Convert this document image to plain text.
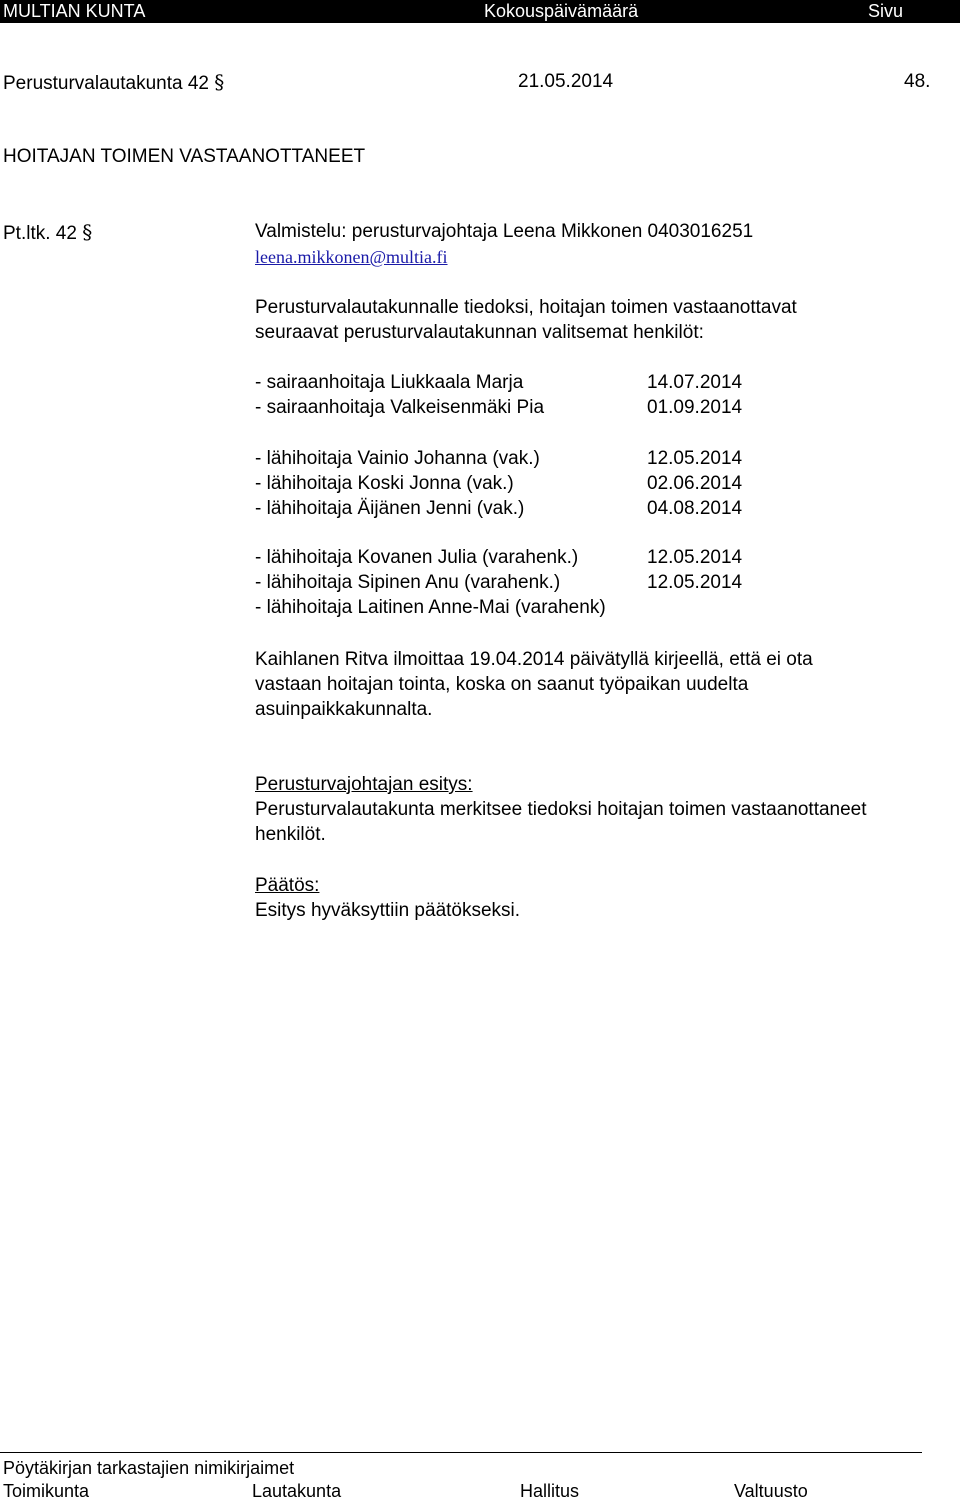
MULTIAN KUNTA	Kokouspäivämäärä	Sivu
Perusturvalautakunta 42 §	21.05.2014	48.
HOITAJAN TOIMEN VASTAANOTTANEET
Pt.ltk. 42 §	Valmistelu: perusturvajohtaja Leena Mikkonen 0403016251
leena.mikkonen@multia.fi
Perusturvalautakunnalle tiedoksi, hoitajan toimen vastaanottavat
seuraavat perusturvalautakunnan valitsemat henkilöt:
- sairaanhoitaja Liukkaala Marja	14.07.2014
- sairaanhoitaja Valkeisenmäki Pia	01.09.2014
- lähihoitaja Vainio Johanna (vak.)	12.05.2014
- lähihoitaja Koski Jonna (vak.)	02.06.2014
- lähihoitaja Äijänen Jenni (vak.)	04.08.2014
- lähihoitaja Kovanen Julia (varahenk.)	12.05.2014
- lähihoitaja Sipinen Anu (varahenk.)	12.05.2014
- lähihoitaja Laitinen Anne-Mai (varahenk)
Kaihlanen Ritva ilmoittaa 19.04.2014 päivätyllä kirjeellä, että ei ota
vastaan hoitajan tointa, koska on saanut työpaikan uudelta
asuinpaikkakunnalta.
Perusturvajohtajan esitys:
Perusturvalautakunta merkitsee tiedoksi hoitajan toimen vastaanottaneet
henkilöt.
Päätös:
Esitys hyväksyttiin päätökseksi.
Pöytäkirjan tarkastajien nimikirjaimet
Toimikunta	Lautakunta	Hallitus	Valtuusto
